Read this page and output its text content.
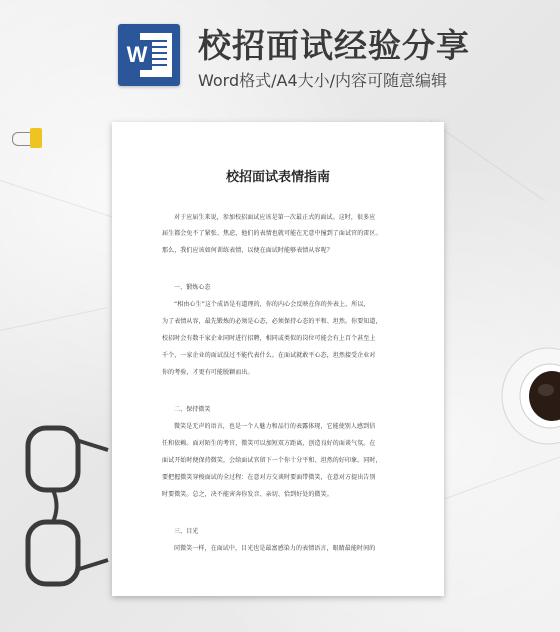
W 校招面试经验分享
Word格式/A4大小/内容可随意编辑
校招面试表情指南
对于应届生来说，参加校招面试应该是第一次最正式的面试。这时，很多应
届生都会免不了紧张、焦虑，他们的表情也就可能在无意中撞到了面试官的雷区。
那么，我们应该如何训练表情，以便在面试时能够表情从容呢？
一、锻炼心态
“相由心生”这个成语是有道理的，你的内心会反映在你的外表上，所以，
为了表情从容，最先锻炼的必须是心态，必须保持心态的平和、坦然。你要知道，
校招时会有数千家企业同时进行招聘，相同或类似的岗位可能会有上百个甚至上
千个，一家企业的面试没过不能代表什么。在面试就敢平心态，坦然接受企业对
你的考验，才更有可能脱颖而出。
二、保持微笑
微笑是无声的语言，也是一个人魅力和品行的表露体现，它能使别人感到信
任和依赖。面对陌生的考官，微笑可以加短双方距离，创造良好的面谈气氛。在
面试开始时便保持微笑，会给面试官留下一个你十分平和、坦然的好印象。同时，
要把握微笑穿梭面试的全过程：在意对方交谈时要面带微笑，在意对方提出告别
时要微笑。总之，决不能害奔你发音、亲切、恰到好处的微笑。
三、目光
同微笑一样，在面试中，目光也是最富感染力的表情语言，眼睛最能时间的
